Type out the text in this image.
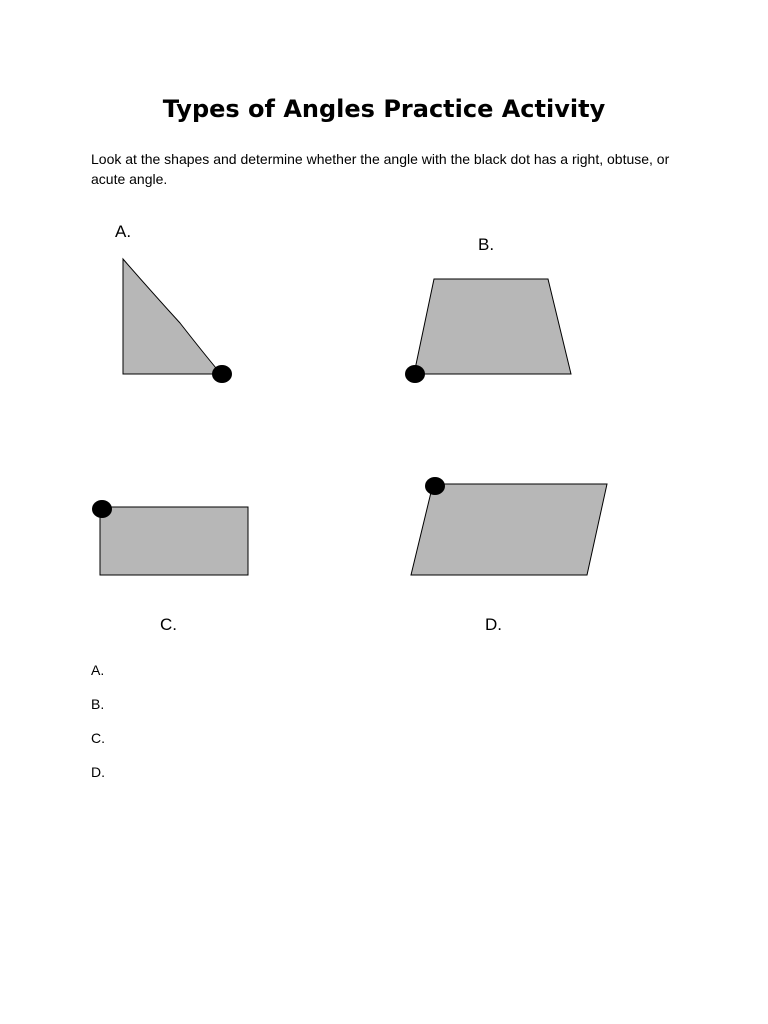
Types of Angles Practice Activity

Look at the shapes and determine whether the angle with the black dot has a right, obtuse, or acute angle.

A.
B.
C.	D.
A.
B.
C.
D.
